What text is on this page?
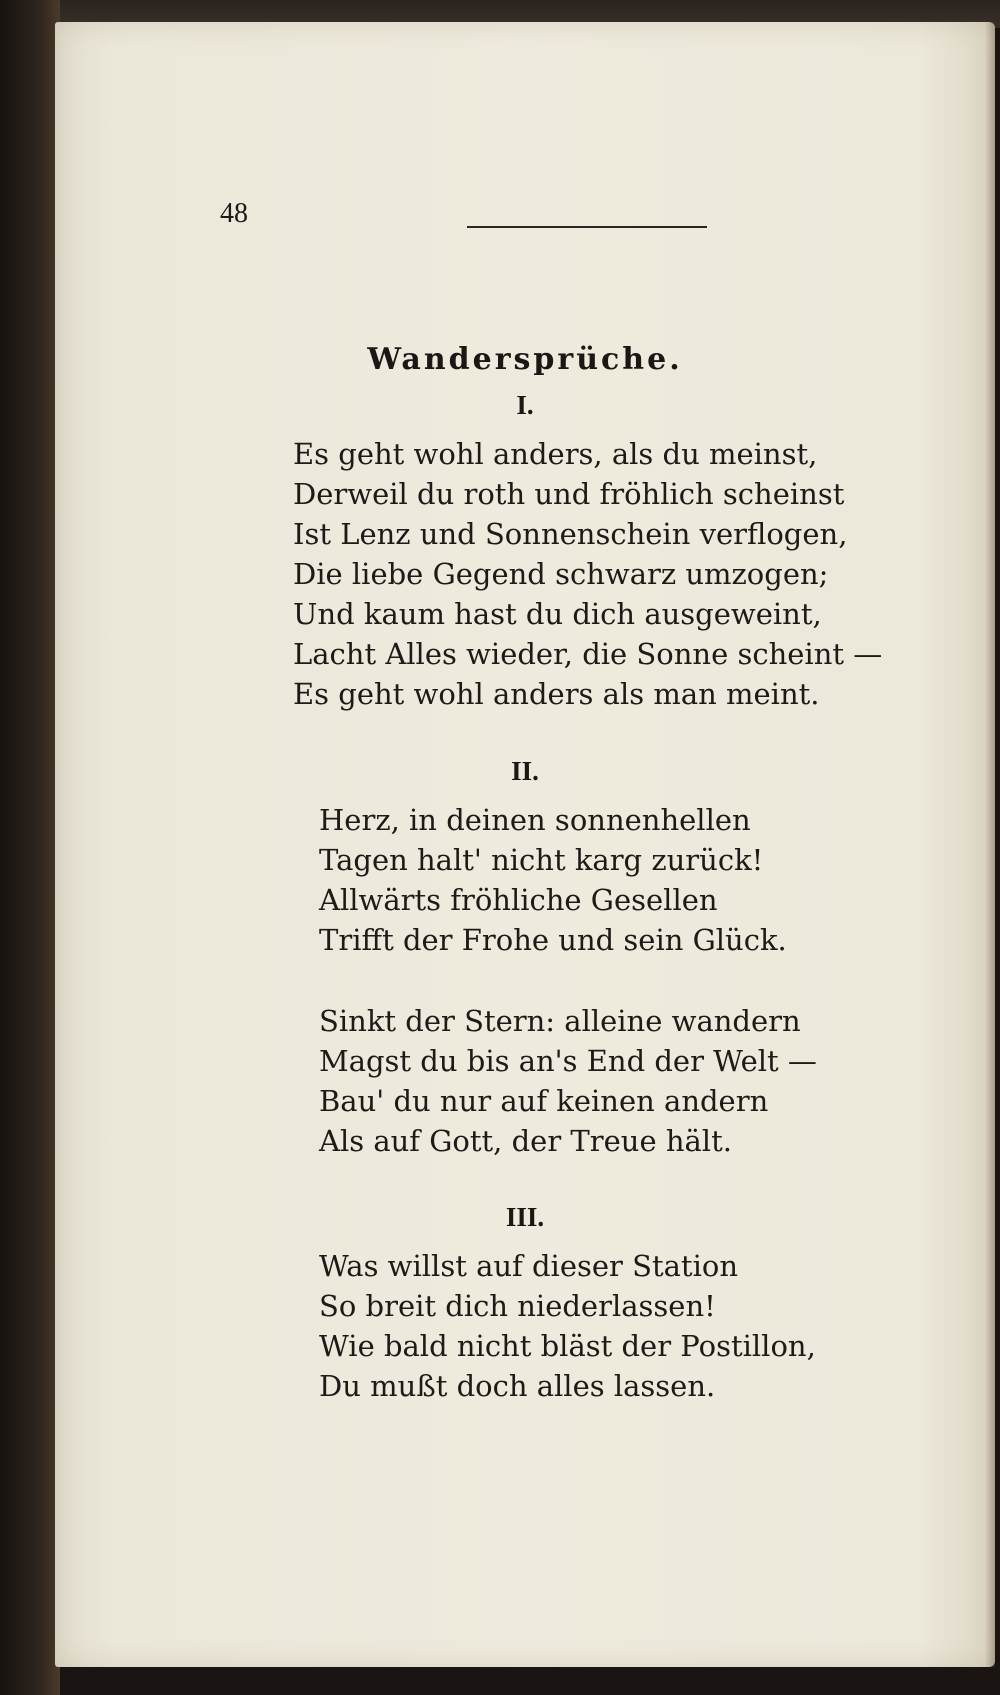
48
Wandersprüche.
I.
Es geht wohl anders, als du meinst,
Derweil du roth und fröhlich scheinst
Ist Lenz und Sonnenschein verflogen,
Die liebe Gegend schwarz umzogen;
Und kaum hast du dich ausgeweint,
Lacht Alles wieder, die Sonne scheint —
Es geht wohl anders als man meint.
II.
Herz, in deinen sonnenhellen
Tagen halt' nicht karg zurück!
Allwärts fröhliche Gesellen
Trifft der Frohe und sein Glück.
Sinkt der Stern: alleine wandern
Magst du bis an's End der Welt —
Bau' du nur auf keinen andern
Als auf Gott, der Treue hält.
III.
Was willst auf dieser Station
So breit dich niederlassen!
Wie bald nicht bläst der Postillon,
Du mußt doch alles lassen.
